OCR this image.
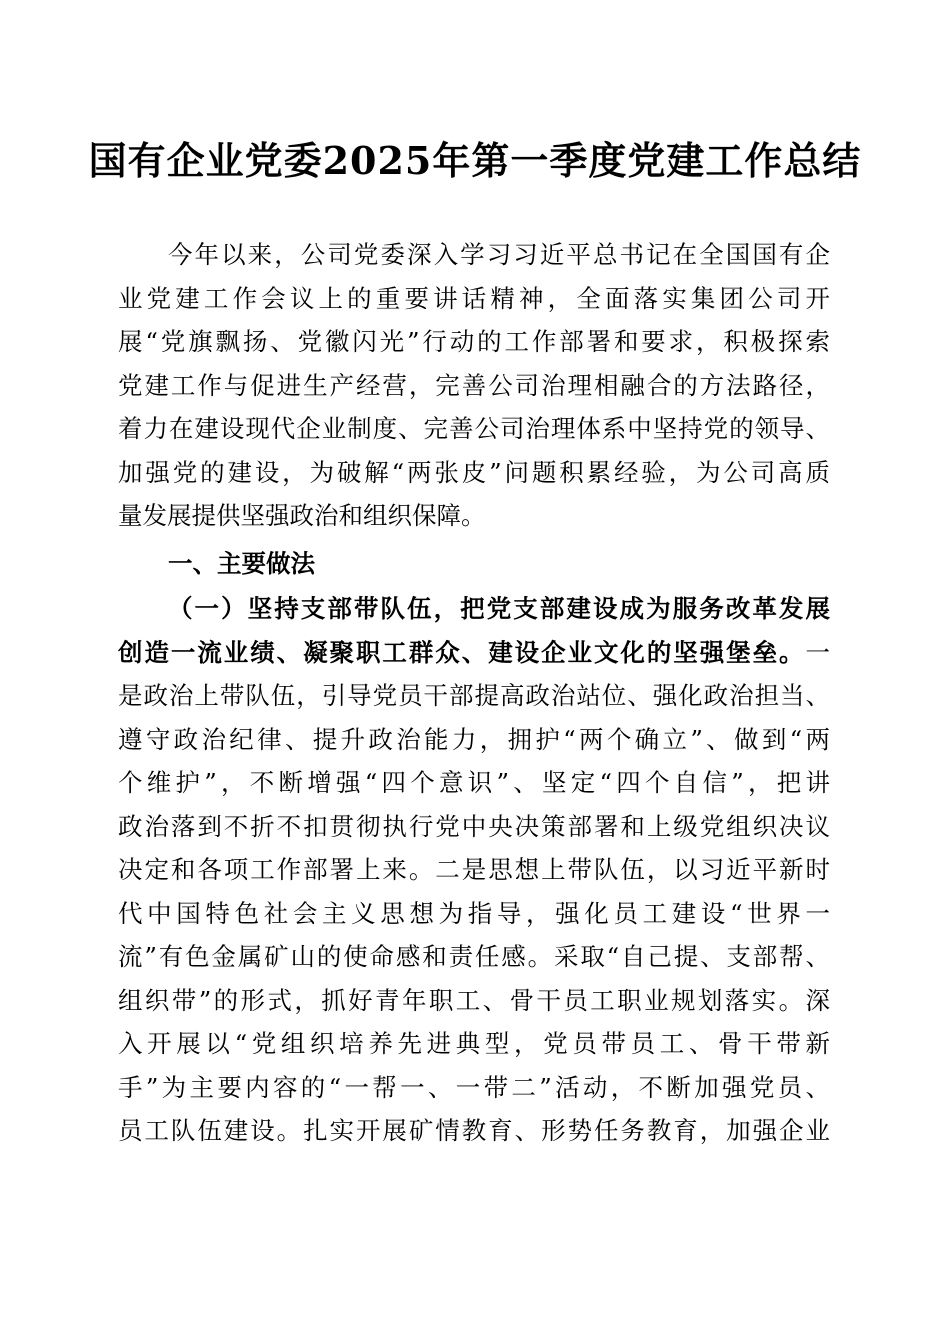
国有企业党委2025年第一季度党建工作总结
今年以来，公司党委深入学习习近平总书记在全国国有企
业党建工作会议上的重要讲话精神，全面落实集团公司开
展“党旗飘扬、党徽闪光”行动的工作部署和要求，积极探索
党建工作与促进生产经营，完善公司治理相融合的方法路径，
着力在建设现代企业制度、完善公司治理体系中坚持党的领导、
加强党的建设，为破解“两张皮”问题积累经验，为公司高质
量发展提供坚强政治和组织保障。
一、主要做法
（一）坚持支部带队伍，把党支部建设成为服务改革发展
创造一流业绩、凝聚职工群众、建设企业文化的坚强堡垒。一
是政治上带队伍，引导党员干部提高政治站位、强化政治担当、
遵守政治纪律、提升政治能力，拥护“两个确立”、做到“两
个维护”，不断增强“四个意识”、坚定“四个自信”，把讲
政治落到不折不扣贯彻执行党中央决策部署和上级党组织决议
决定和各项工作部署上来。二是思想上带队伍，以习近平新时
代中国特色社会主义思想为指导，强化员工建设“世界一
流”有色金属矿山的使命感和责任感。采取“自己提、支部帮、
组织带”的形式，抓好青年职工、骨干员工职业规划落实。深
入开展以“党组织培养先进典型，党员带员工、骨干带新
手”为主要内容的“一帮一、一带二”活动，不断加强党员、
员工队伍建设。扎实开展矿情教育、形势任务教育，加强企业
